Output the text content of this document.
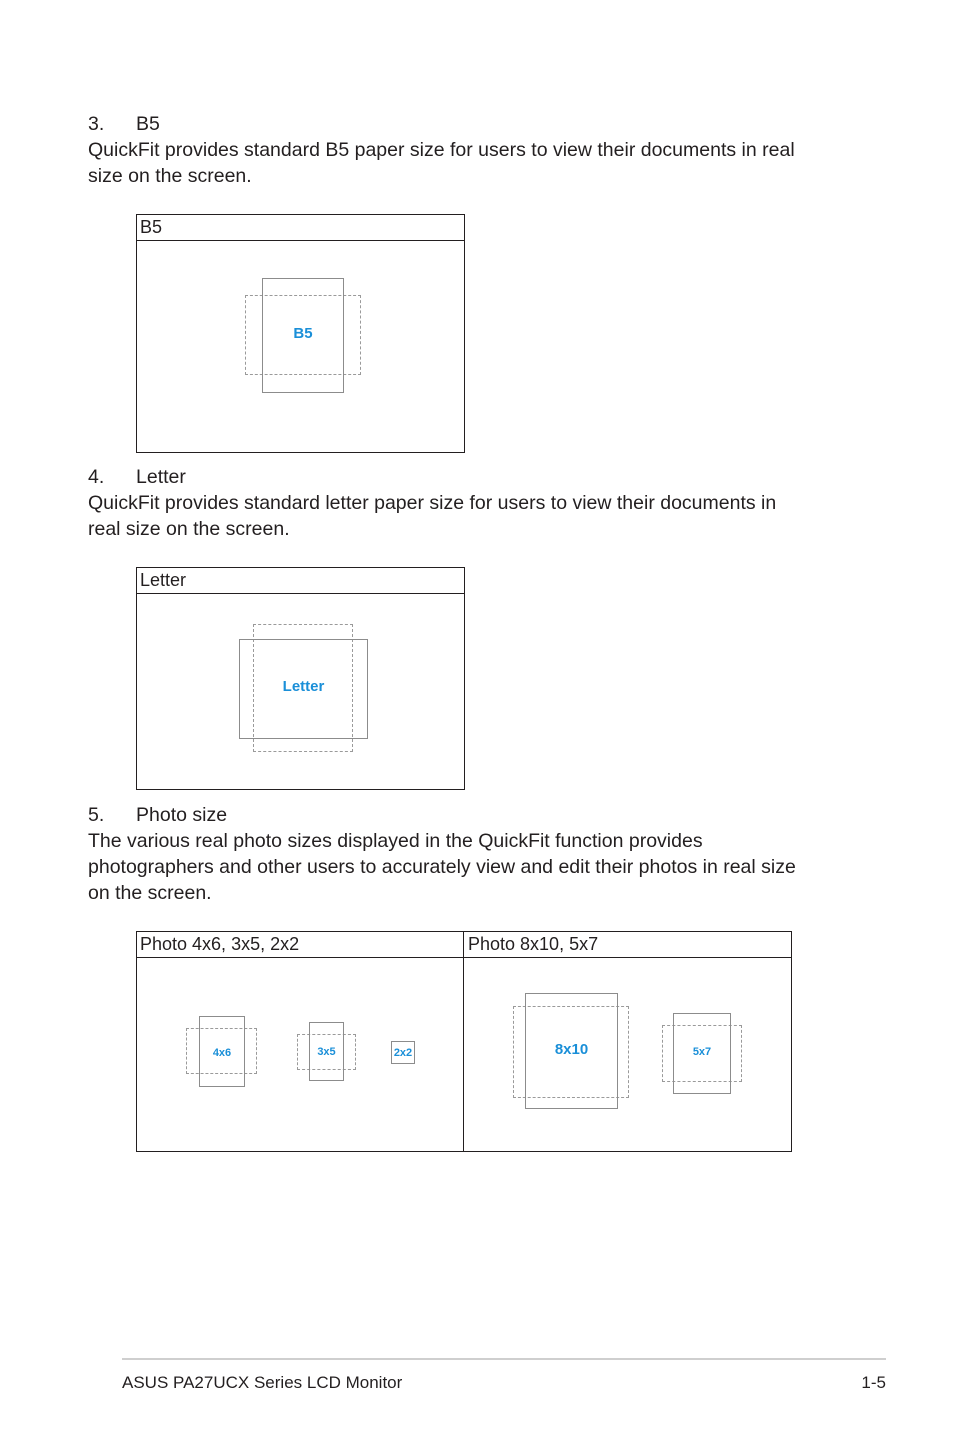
3. B5
QuickFit provides standard B5 paper size for users to view their documents in real
size on the screen.
B5
B5
4. Letter
QuickFit provides standard letter paper size for users to view their documents in
real size on the screen.
Letter
Letter
5. Photo size
The various real photo sizes displayed in the QuickFit function provides
photographers and other users to accurately view and edit their photos in real size
on the screen.
Photo 4x6, 3x5, 2x2	Photo 8x10, 5x7
4x6	3x5	2x2	8x10	5x7
ASUS PA27UCX Series LCD Monitor	1-5
